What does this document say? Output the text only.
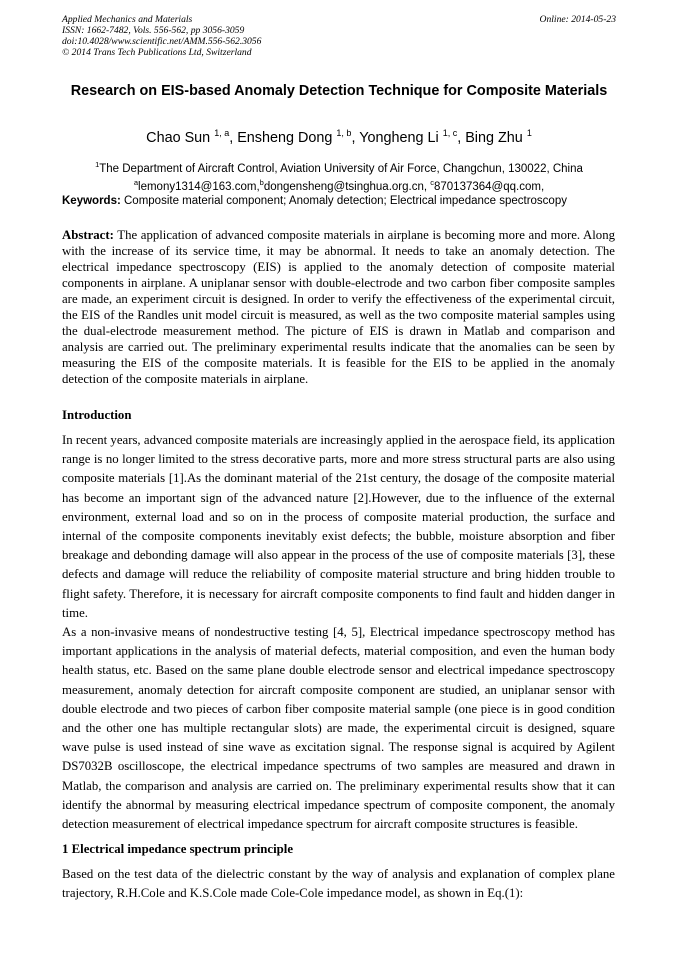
Applied Mechanics and Materials
ISSN: 1662-7482, Vols. 556-562, pp 3056-3059
doi:10.4028/www.scientific.net/AMM.556-562.3056
© 2014 Trans Tech Publications Ltd, Switzerland
Online: 2014-05-23
Research on EIS-based Anomaly Detection Technique for Composite Materials
Chao Sun $^{1, a}$, Ensheng Dong $^{1, b}$, Yongheng Li $^{1, c}$, Bing Zhu $^1$
$^1$The Department of Aircraft Control, Aviation University of Air Force, Changchun, 130022, China
$^a$lemony1314@163.com,$^b$dongensheng@tsinghua.org.cn, $^c$870137364@qq.com,
Keywords: Composite material component; Anomaly detection; Electrical impedance spectroscopy
Abstract: The application of advanced composite materials in airplane is becoming more and more. Along with the increase of its service time, it may be abnormal. It needs to take an anomaly detection. The electrical impedance spectroscopy (EIS) is applied to the anomaly detection of composite material components in airplane. A uniplanar sensor with double-electrode and two carbon fiber composite samples are made, an experiment circuit is designed. In order to verify the effectiveness of the experimental circuit, the EIS of the Randles unit model circuit is measured, as well as the two composite material samples using the dual-electrode measurement method. The picture of EIS is drawn in Matlab and comparison and analysis are carried out. The preliminary experimental results indicate that the anomalies can be seen by measuring the EIS of the composite materials. It is feasible for the EIS to be applied in the anomaly detection of the composite materials in airplane.
Introduction

In recent years, advanced composite materials are increasingly applied in the aerospace field, its application range is no longer limited to the stress decorative parts, more and more stress structural parts are also using composite materials [1].As the dominant material of the 21st century, the dosage of the composite material has become an important sign of the advanced nature [2].However, due to the influence of the external environment, external load and so on in the process of composite material production, the surface and internal of the composite components inevitably exist defects; the bubble, moisture absorption and fiber breakage and debonding damage will also appear in the process of the use of composite materials [3], these defects and damage will reduce the reliability of composite material structure and bring hidden trouble to flight safety. Therefore, it is necessary for aircraft composite components to find fault and hidden danger in time.

As a non-invasive means of nondestructive testing [4, 5], Electrical impedance spectroscopy method has important applications in the analysis of material defects, material composition, and even the human body health status, etc. Based on the same plane double electrode sensor and electrical impedance spectroscopy measurement, anomaly detection for aircraft composite component are studied, an uniplanar sensor with double electrode and two pieces of carbon fiber composite material sample (one piece is in good condition and the other one has multiple rectangular slots) are made, the experimental circuit is designed, square wave pulse is used instead of sine wave as excitation signal. The response signal is acquired by Agilent DS7032B oscilloscope, the electrical impedance spectrums of two samples are measured and drawn in Matlab, the comparison and analysis are carried on. The preliminary experimental results show that it can identify the abnormal by measuring electrical impedance spectrum of composite component, the anomaly detection measurement of electrical impedance spectrum for aircraft composite structures is feasible.

1 Electrical impedance spectrum principle
Based on the test data of the dielectric constant by the way of analysis and explanation of complex plane trajectory, R.H.Cole and K.S.Cole made Cole-Cole impedance model, as shown in Eq.(1):
